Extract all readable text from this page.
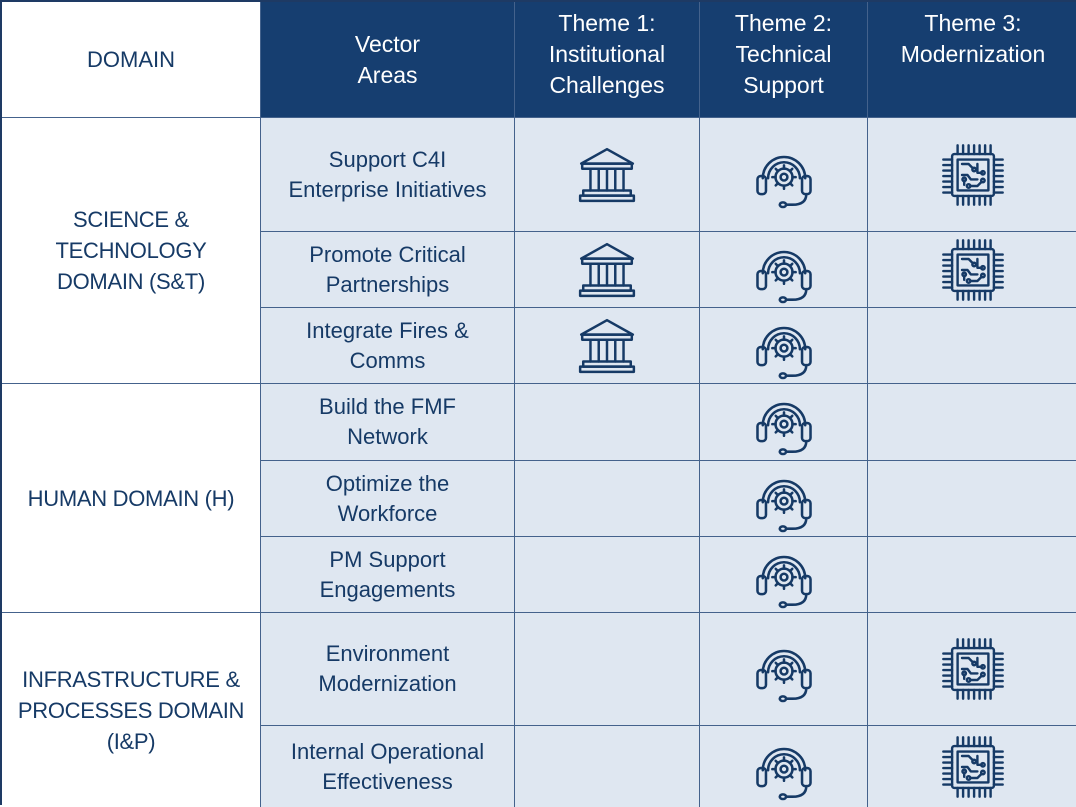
DOMAIN
Vector
Areas
Theme 1:
Institutional
Challenges
Theme 2:
Technical
Support
Theme 3:
Modernization
SCIENCE &
TECHNOLOGY
DOMAIN (S&T)
HUMAN DOMAIN (H)
INFRASTRUCTURE &
PROCESSES DOMAIN
(I&P)
Support C4I
Enterprise Initiatives
Promote Critical
Partnerships
Integrate Fires &
Comms
Build the FMF
Network
Optimize the
Workforce
PM Support
Engagements
Environment
Modernization
Internal Operational
Effectiveness
